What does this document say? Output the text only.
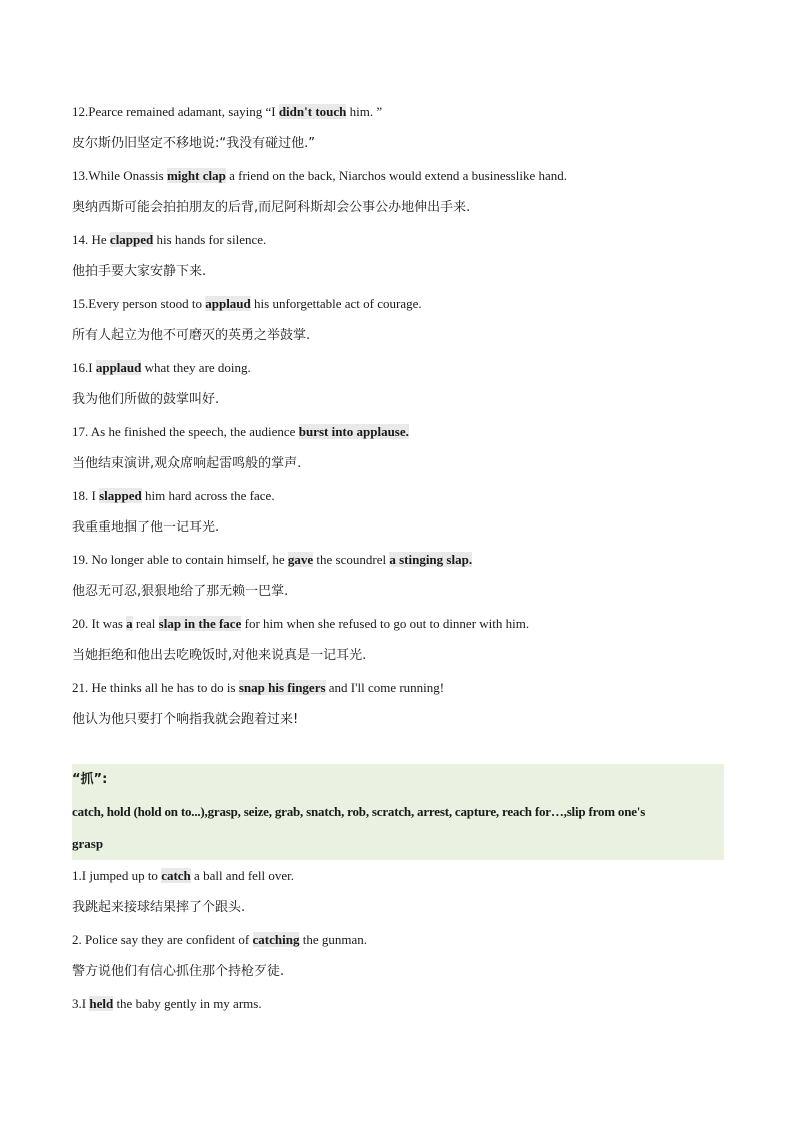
12.Pearce remained adamant, saying “I didn't touch him. ”
皮尔斯仍旧坚定不移地说:“我没有碰过他.”
13.While Onassis might clap a friend on the back, Niarchos would extend a businesslike hand.
奥纳西斯可能会拍拍朋友的后背,而尼阿科斯却会公事公办地伸出手来.
14. He clapped his hands for silence.
他拍手要大家安静下来.
15.Every person stood to applaud his unforgettable act of courage.
所有人起立为他不可磨灭的英勇之举鼓掌.
16.I applaud what they are doing.
我为他们所做的鼓掌叫好.
17. As he finished the speech, the audience burst into applause.
当他结束演讲,观众席响起雷鸣般的掌声.
18. I slapped him hard across the face.
我重重地掴了他一记耳光.
19. No longer able to contain himself, he gave the scoundrel a stinging slap.
他忍无可忍,狠狠地给了那无赖一巴掌.
20. It was a real slap in the face for him when she refused to go out to dinner with him.
当她拒绝和他出去吃晚饭时,对他来说真是一记耳光.
21. He thinks all he has to do is snap his fingers and I'll come running!
他认为他只要打个响指我就会跑着过来!
“抓”:
catch, hold (hold on to...),grasp, seize, grab, snatch, rob, scratch, arrest, capture, reach for…,slip from one's
grasp
1.I jumped up to catch a ball and fell over.
我跳起来接球结果摔了个跟头.
2. Police say they are confident of catching the gunman.
警方说他们有信心抓住那个持枪歹徒.
3.I held the baby gently in my arms.
